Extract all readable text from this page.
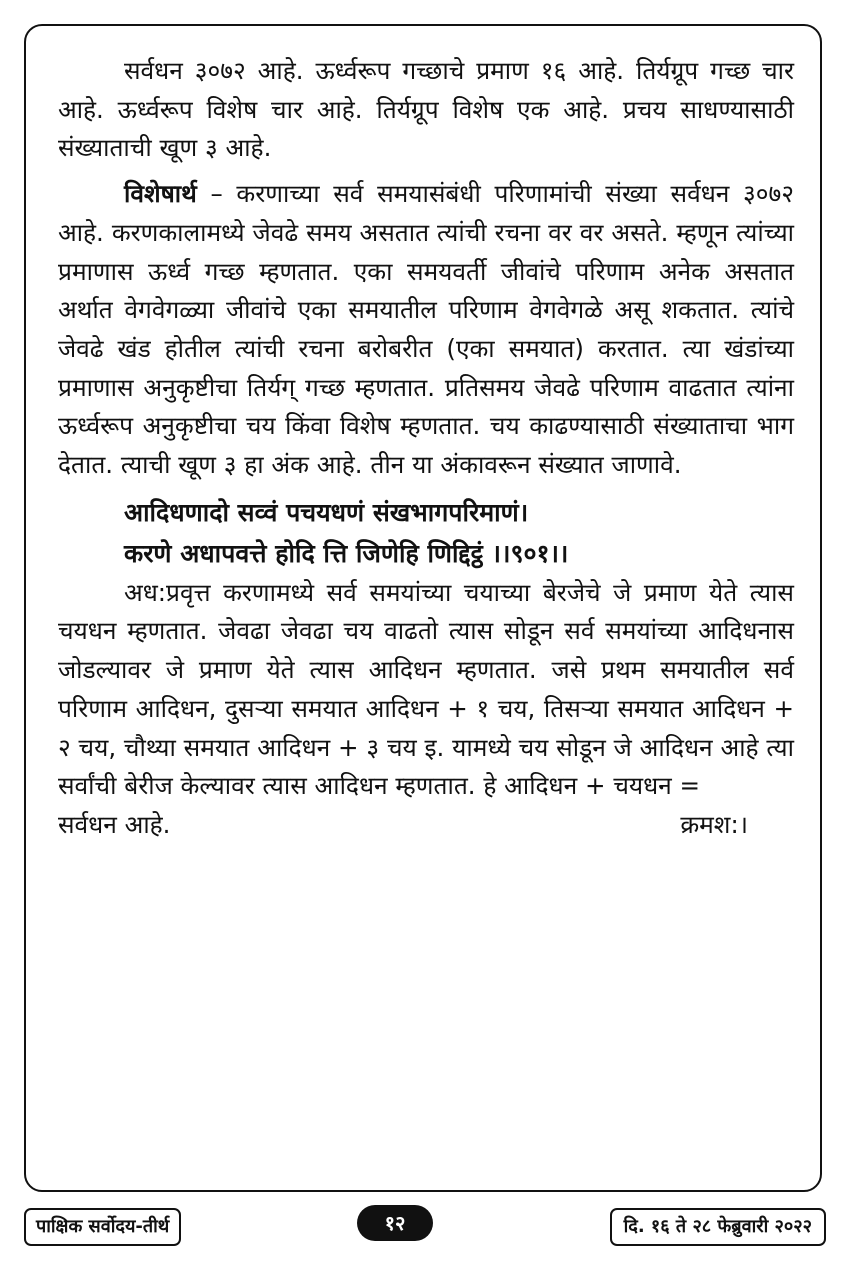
सर्वधन ३०७२ आहे. ऊर्ध्वरूप गच्छाचे प्रमाण १६ आहे. तिर्यग्रूप गच्छ चार आहे. ऊर्ध्वरूप विशेष चार आहे. तिर्यग्रूप विशेष एक आहे. प्रचय साधण्यासाठी संख्याताची खूण ३ आहे.

विशेषार्थ – करणाच्या सर्व समयासंबंधी परिणामांची संख्या सर्वधन ३०७२ आहे. करणकालामध्ये जेवढे समय असतात त्यांची रचना वर वर असते. म्हणून त्यांच्या प्रमाणास ऊर्ध्व गच्छ म्हणतात. एका समयवर्ती जीवांचे परिणाम अनेक असतात अर्थात वेगवेगळ्या जीवांचे एका समयातील परिणाम वेगवेगळे असू शकतात. त्यांचे जेवढे खंड होतील त्यांची रचना बरोबरीत (एका समयात) करतात. त्या खंडांच्या प्रमाणास अनुकृष्टीचा तिर्यग् गच्छ म्हणतात. प्रतिसमय जेवढे परिणाम वाढतात त्यांना ऊर्ध्वरूप अनुकृष्टीचा चय किंवा विशेष म्हणतात. चय काढण्यासाठी संख्याताचा भाग देतात. त्याची खूण ३ हा अंक आहे. तीन या अंकावरून संख्यात जाणावे.

आदिधणादो सव्वं पचयधणं संखभागपरिमाणं।

करणे अधापवत्ते होदि त्ति जिणेहि णिद्दिट्ठं ।।९०१।।

अध:प्रवृत्त करणामध्ये सर्व समयांच्या चयाच्या बेरजेचे जे प्रमाण येते त्यास चयधन म्हणतात. जेवढा जेवढा चय वाढतो त्यास सोडून सर्व समयांच्या आदिधनास जोडल्यावर जे प्रमाण येते त्यास आदिधन म्हणतात. जसे प्रथम समयातील सर्व परिणाम आदिधन, दुसऱ्या समयात आदिधन + १ चय, तिसऱ्या समयात आदिधन + २ चय, चौथ्या समयात आदिधन + ३ चय इ. यामध्ये चय सोडून जे आदिधन आहे त्या सर्वांची बेरीज केल्यावर त्यास आदिधन म्हणतात. हे आदिधन + चयधन =

सर्वधन आहे.	क्रमश:।
पाक्षिक सर्वोदय-तीर्थ	१२	दि. १६ ते २८ फेब्रुवारी २०२२
